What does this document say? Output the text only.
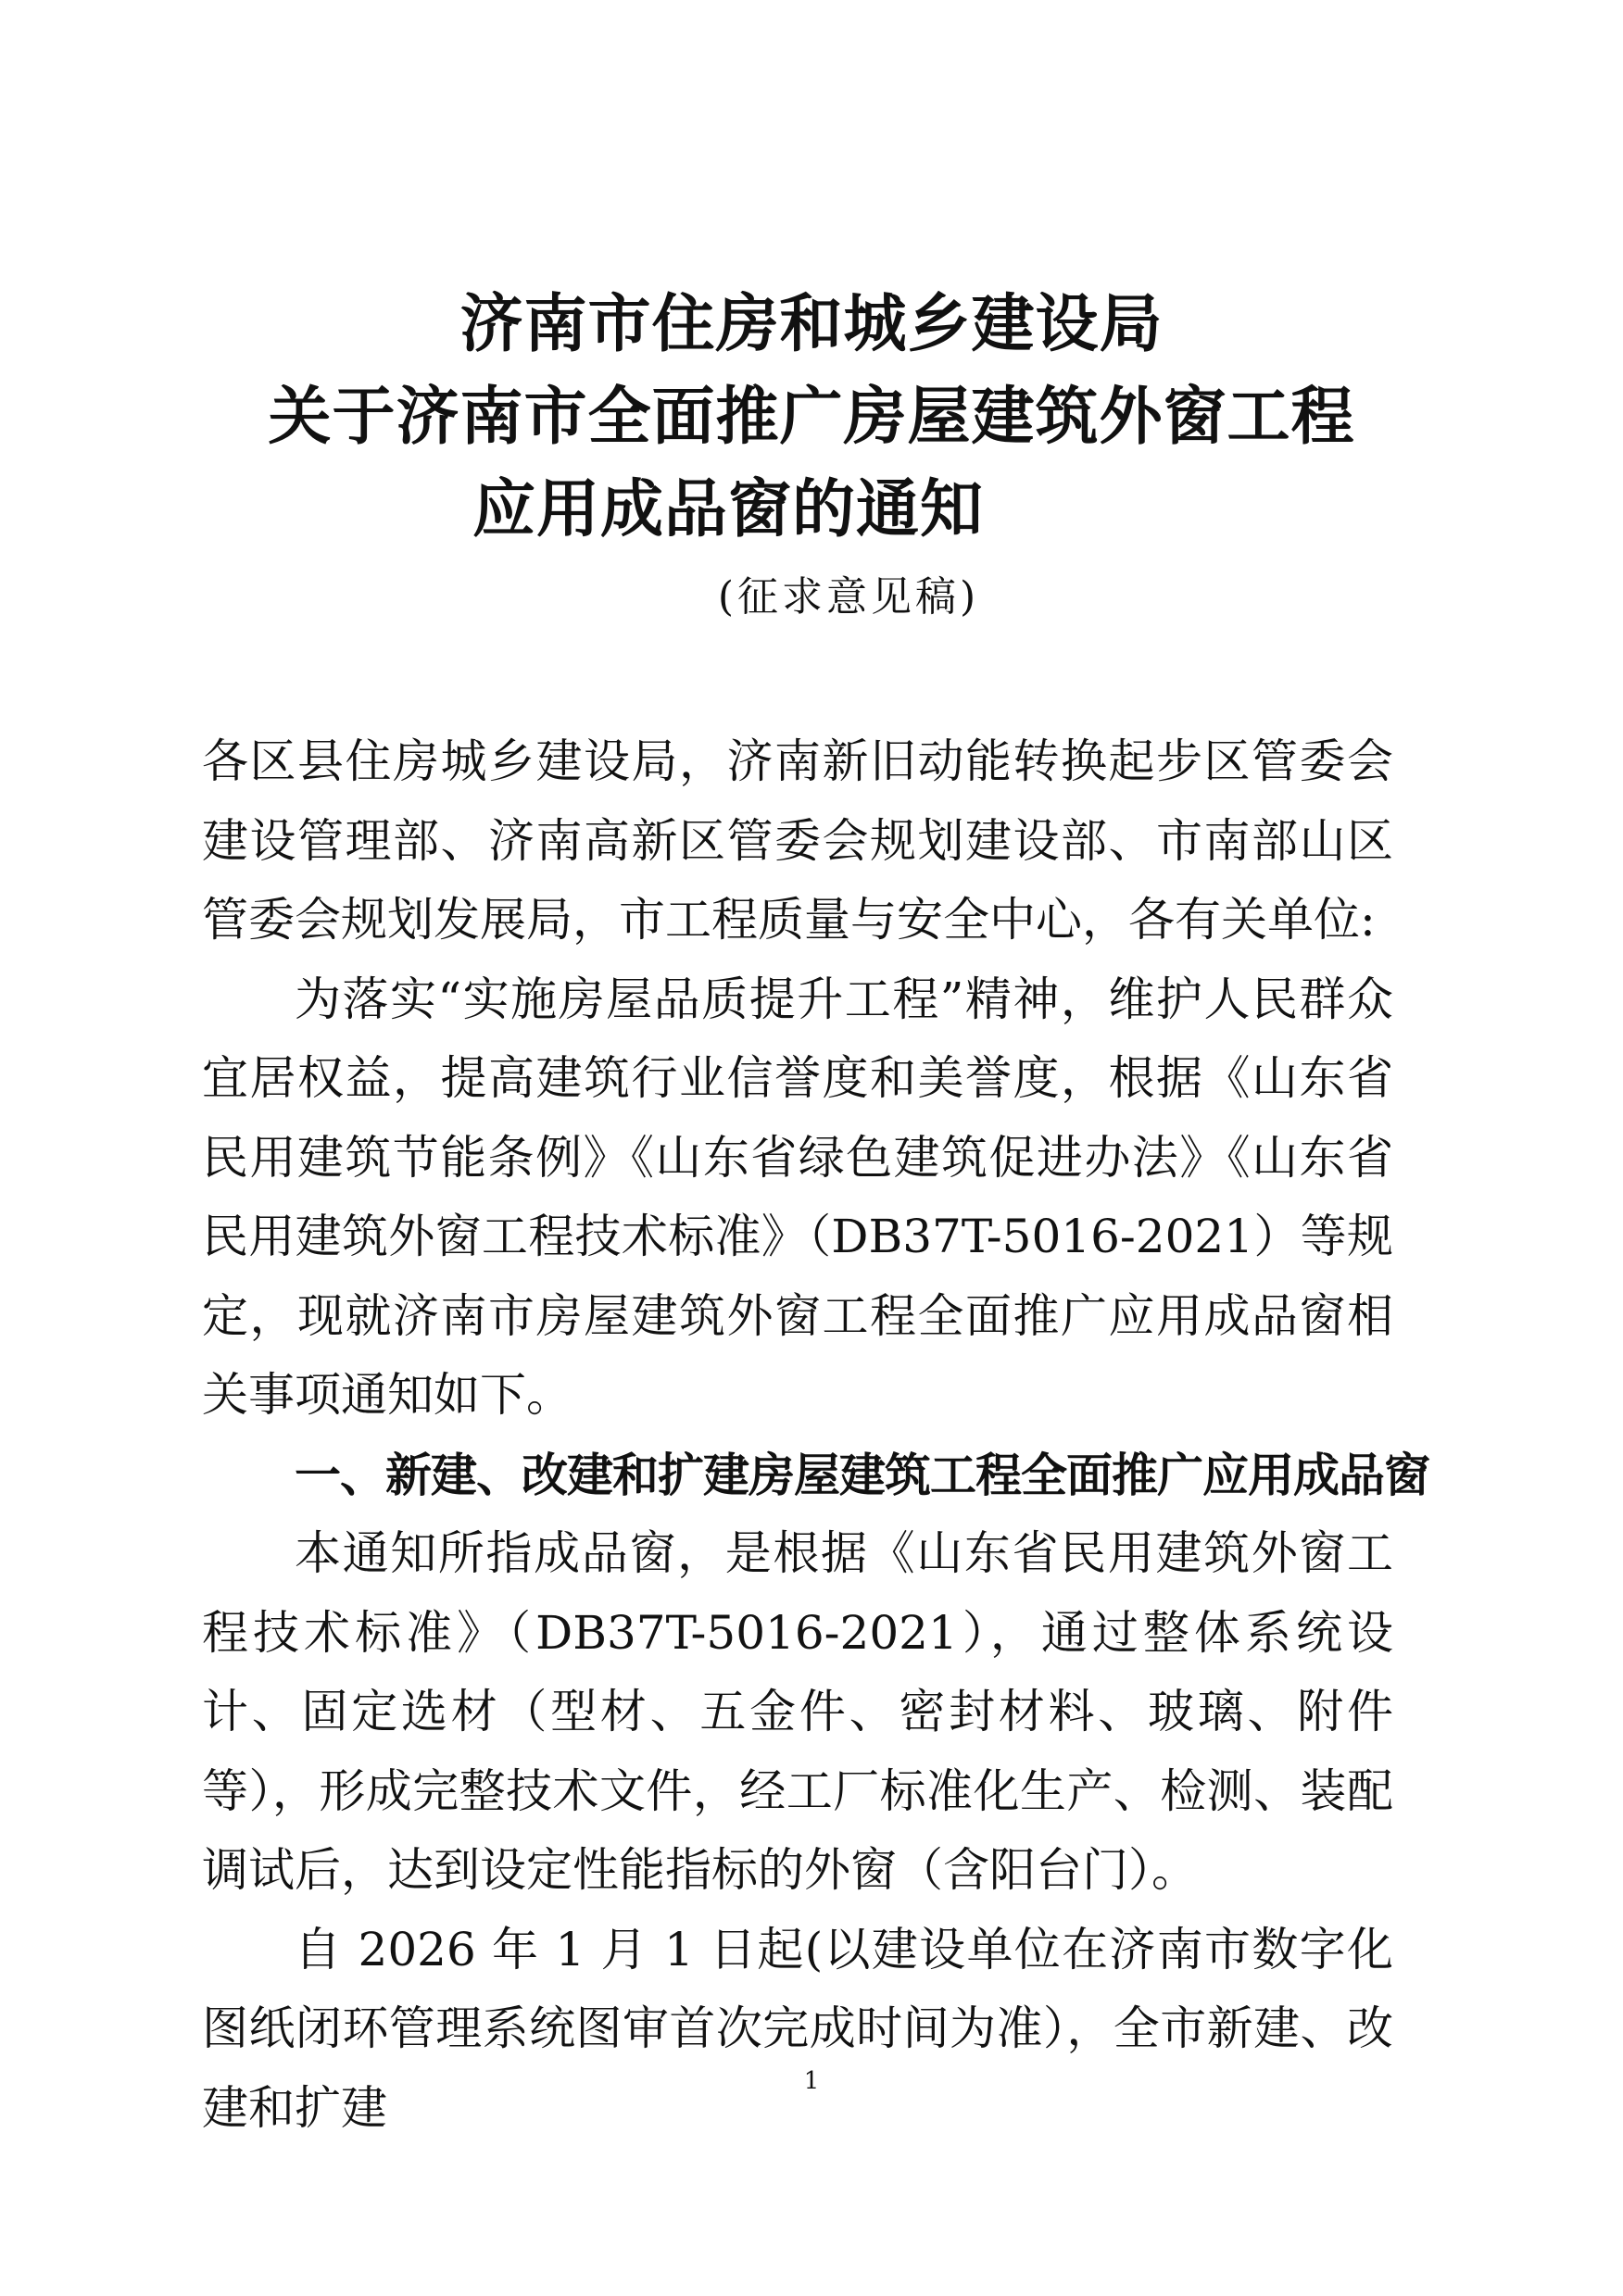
济南市住房和城乡建设局
关于济南市全面推广房屋建筑外窗工程
应用成品窗的通知
(征求意见稿)

各区县住房城乡建设局，济南新旧动能转换起步区管委会建设管理部、济南高新区管委会规划建设部、市南部山区管委会规划发展局，市工程质量与安全中心，各有关单位:

为落实“实施房屋品质提升工程”精神，维护人民群众宜居权益，提高建筑行业信誉度和美誉度，根据《山东省民用建筑节能条例》《山东省绿色建筑促进办法》《山东省民用建筑外窗工程技术标准》（DB37T-5016-2021）等规定，现就济南市房屋建筑外窗工程全面推广应用成品窗相关事项通知如下。

一、新建、改建和扩建房屋建筑工程全面推广应用成品窗

本通知所指成品窗，是根据《山东省民用建筑外窗工程技术标准》（DB37T-5016-2021），通过整体系统设计、固定选材（型材、五金件、密封材料、玻璃、附件等），形成完整技术文件，经工厂标准化生产、检测、装配调试后，达到设定性能指标的外窗（含阳台门）。

自 2026 年 1 月 1 日起(以建设单位在济南市数字化图纸闭环管理系统图审首次完成时间为准），全市新建、改建和扩建	1
